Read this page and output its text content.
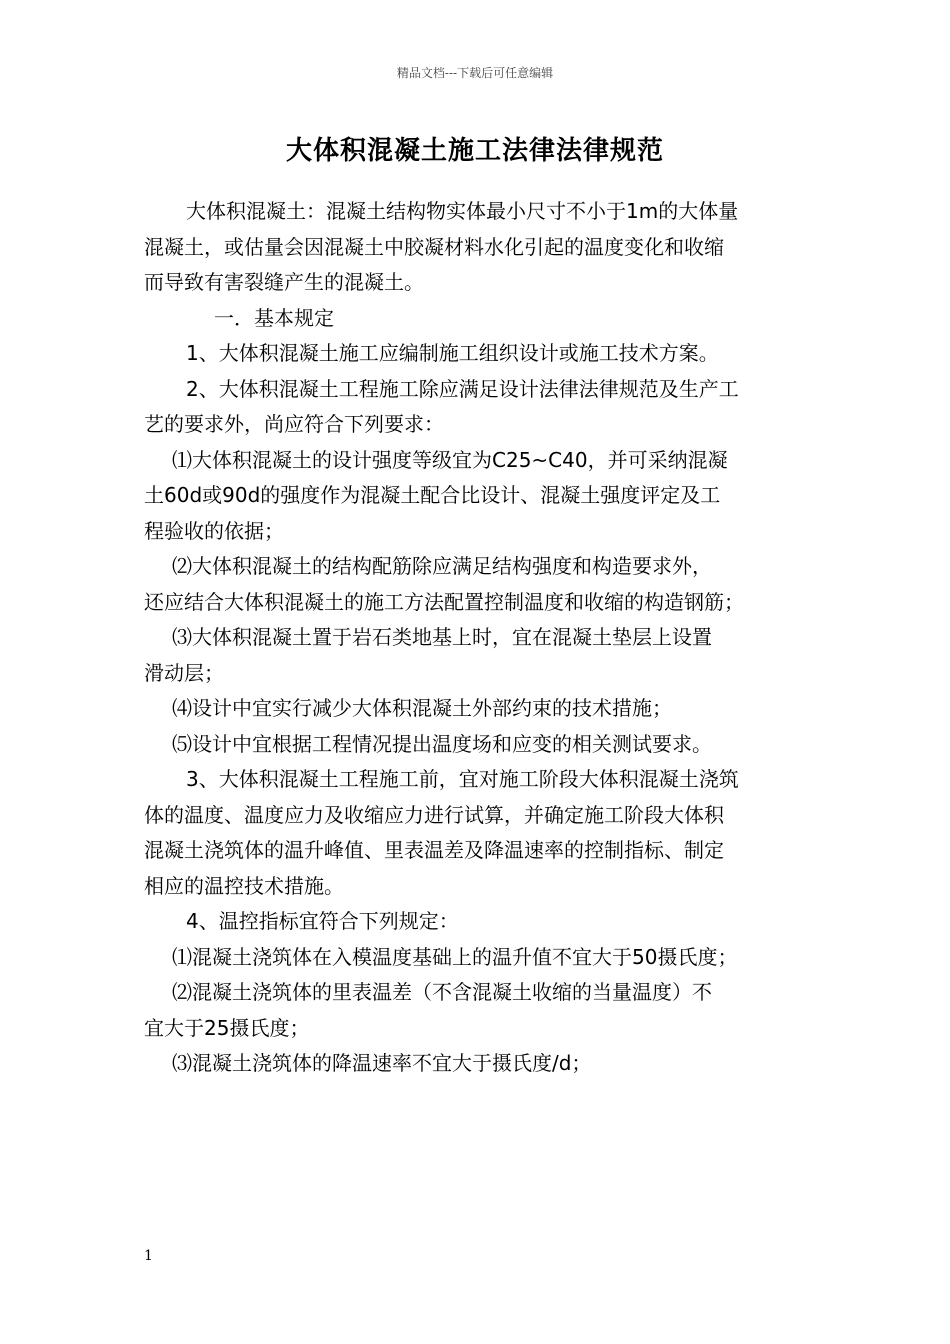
精品文档---下载后可任意编辑
大体积混凝土施工法律法律规范

大体积混凝土：混凝土结构物实体最小尺寸不小于1m的大体量
混凝土，或估量会因混凝土中胶凝材料水化引起的温度变化和收缩
而导致有害裂缝产生的混凝土。

一．基本规定

1、大体积混凝土施工应编制施工组织设计或施工技术方案。

2、大体积混凝土工程施工除应满足设计法律法律规范及生产工
艺的要求外，尚应符合下列要求：

⑴大体积混凝土的设计强度等级宜为C25~C40，并可采纳混凝
土60d或90d的强度作为混凝土配合比设计、混凝土强度评定及工
程验收的依据；

⑵大体积混凝土的结构配筋除应满足结构强度和构造要求外，
还应结合大体积混凝土的施工方法配置控制温度和收缩的构造钢筋；

⑶大体积混凝土置于岩石类地基上时，宜在混凝土垫层上设置
滑动层；

⑷设计中宜实行减少大体积混凝土外部约束的技术措施；

⑸设计中宜根据工程情况提出温度场和应变的相关测试要求。

3、大体积混凝土工程施工前，宜对施工阶段大体积混凝土浇筑
体的温度、温度应力及收缩应力进行试算，并确定施工阶段大体积
混凝土浇筑体的温升峰值、里表温差及降温速率的控制指标、制定
相应的温控技术措施。

4、温控指标宜符合下列规定：

⑴混凝土浇筑体在入模温度基础上的温升值不宜大于50摄氏度；

⑵混凝土浇筑体的里表温差（不含混凝土收缩的当量温度）不
宜大于25摄氏度；

⑶混凝土浇筑体的降温速率不宜大于摄氏度/d；

1
